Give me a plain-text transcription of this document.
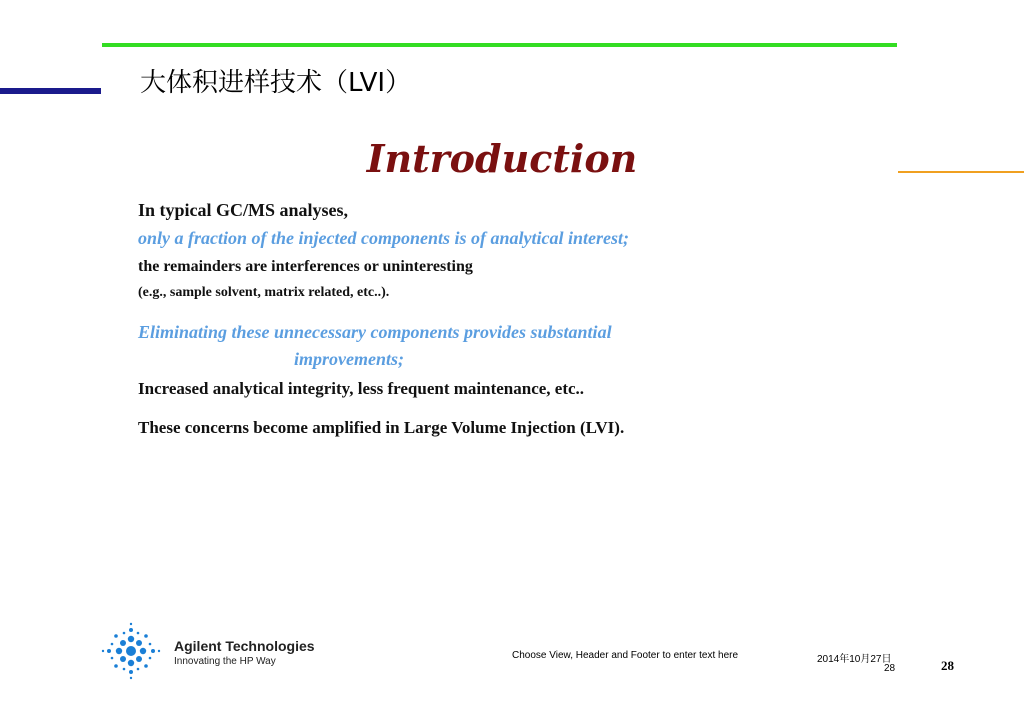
大体积进样技术（LVI）
Introduction
In typical GC/MS analyses,
only a fraction of the injected components is of analytical interest;
the remainders are interferences or uninteresting
(e.g., sample solvent, matrix related, etc..).
Eliminating these unnecessary components provides substantial
improvements;
Increased analytical integrity, less frequent maintenance, etc..
These concerns become amplified in Large Volume Injection (LVI).
Agilent Technologies
Innovating the HP Way
Choose View, Header and Footer to enter text here	2014年10月27日
28	28
